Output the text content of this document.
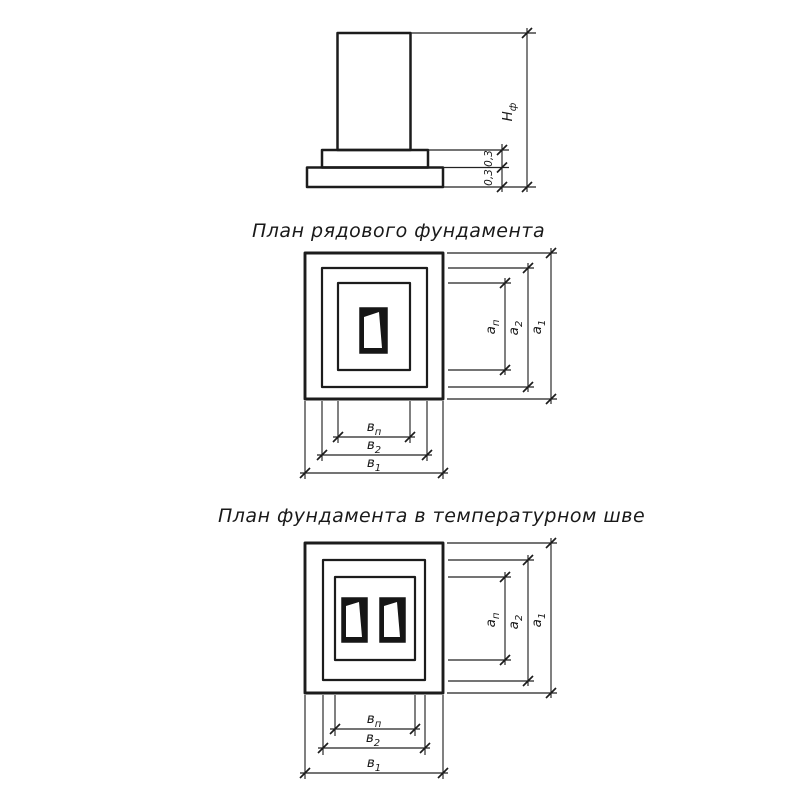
$Н_ф$
0,3
0,3
План рядового фундамента
$а_п$
$а_2$
$а_1$
$в_п$
$в_2$
$в_1$
План фундамента в температурном шве
$а_п$
$а_2$
$а_1$
$в_п$
$в_2$
$в_1$
